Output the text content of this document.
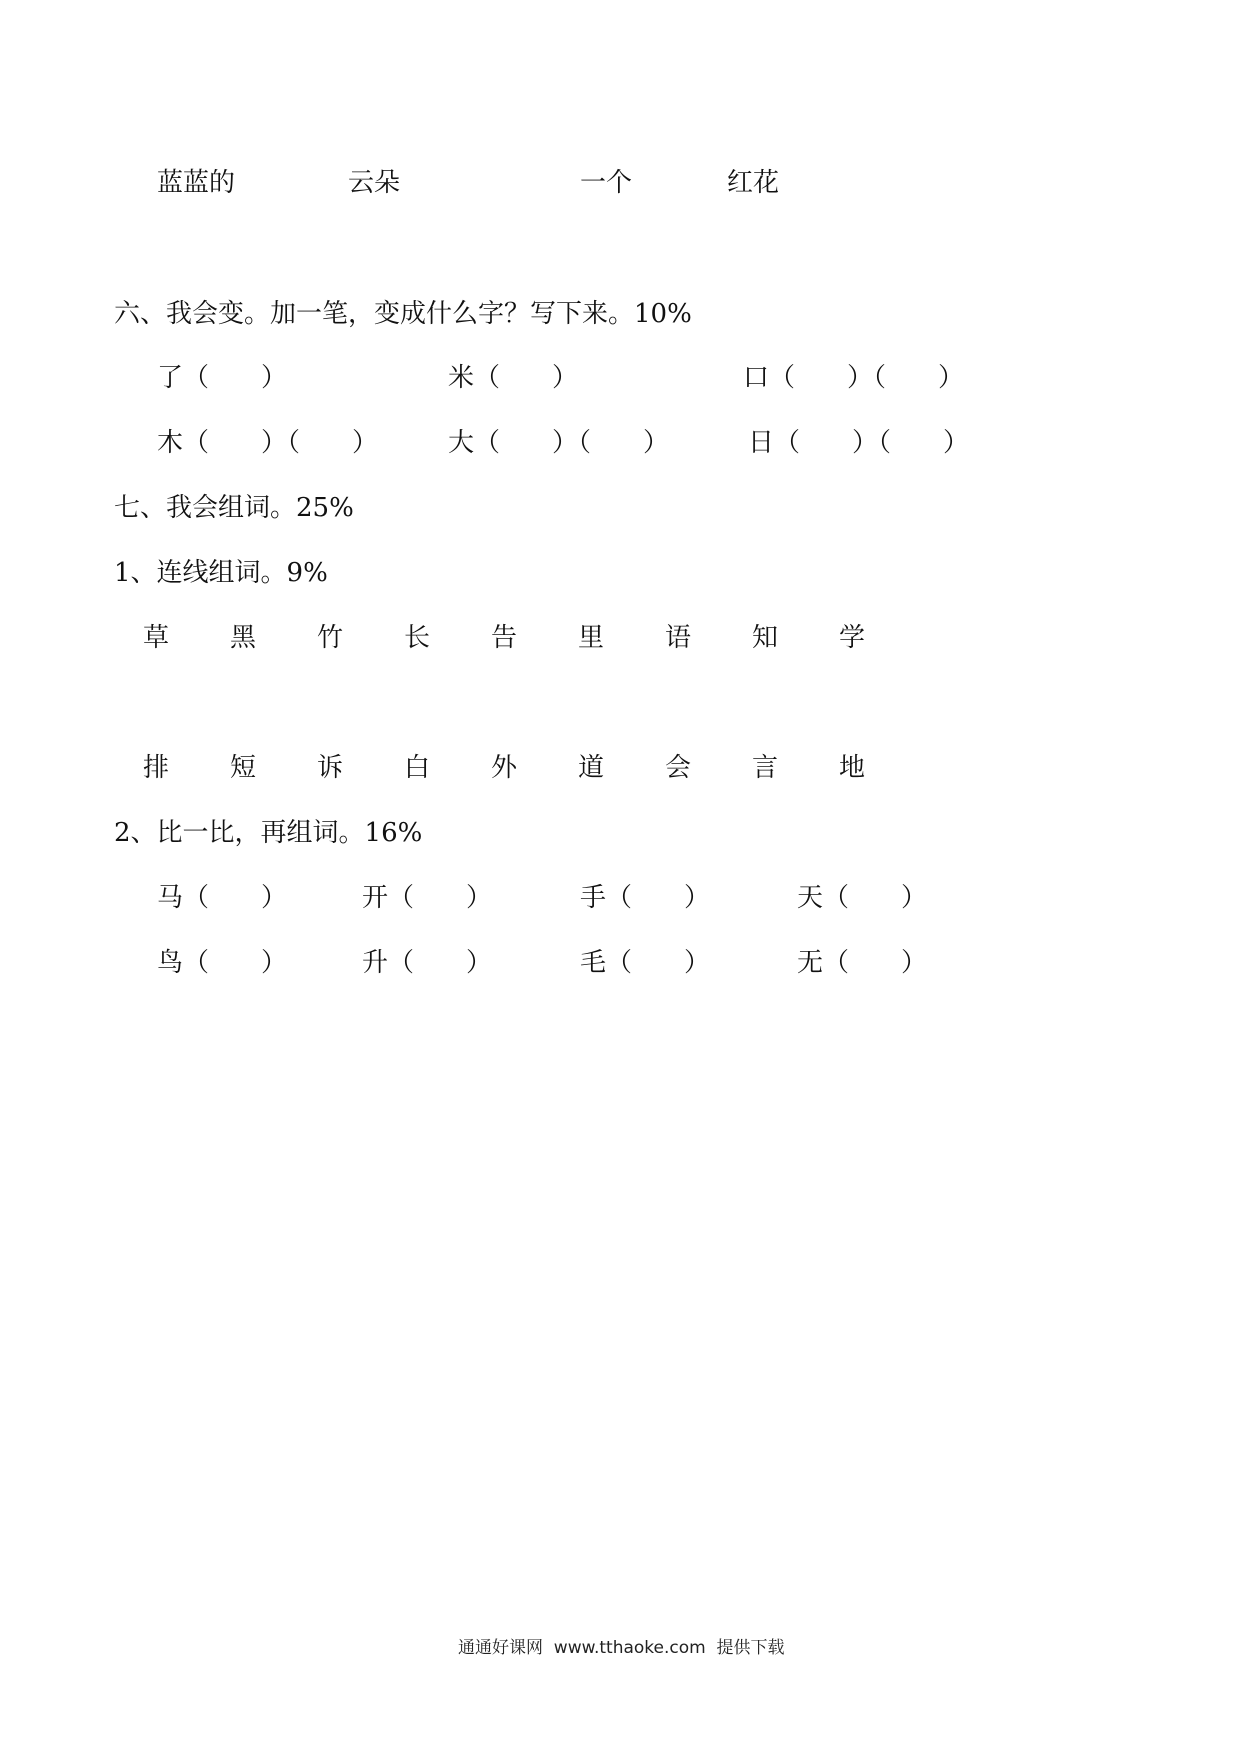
蓝蓝的	云朵	一个	红花
六、我会变。加一笔，变成什么字？写下来。10%
了（　　）	米（　　）	口（　　）（　　）
木（　　）（　　）	大（　　）（　　）	日（　　）（　　）
七、我会组词。25%
1、连线组词。9%
草 黑 竹 长 告 里 语 知 学
排 短 诉 白 外 道 会 言 地
2、比一比，再组词。16%
马（　　）	开（　　）	手（　　）	天（　　）
鸟（　　）	升（　　）	毛（　　）	无（　　）
通通好课网  www.tthaoke.com  提供下载
